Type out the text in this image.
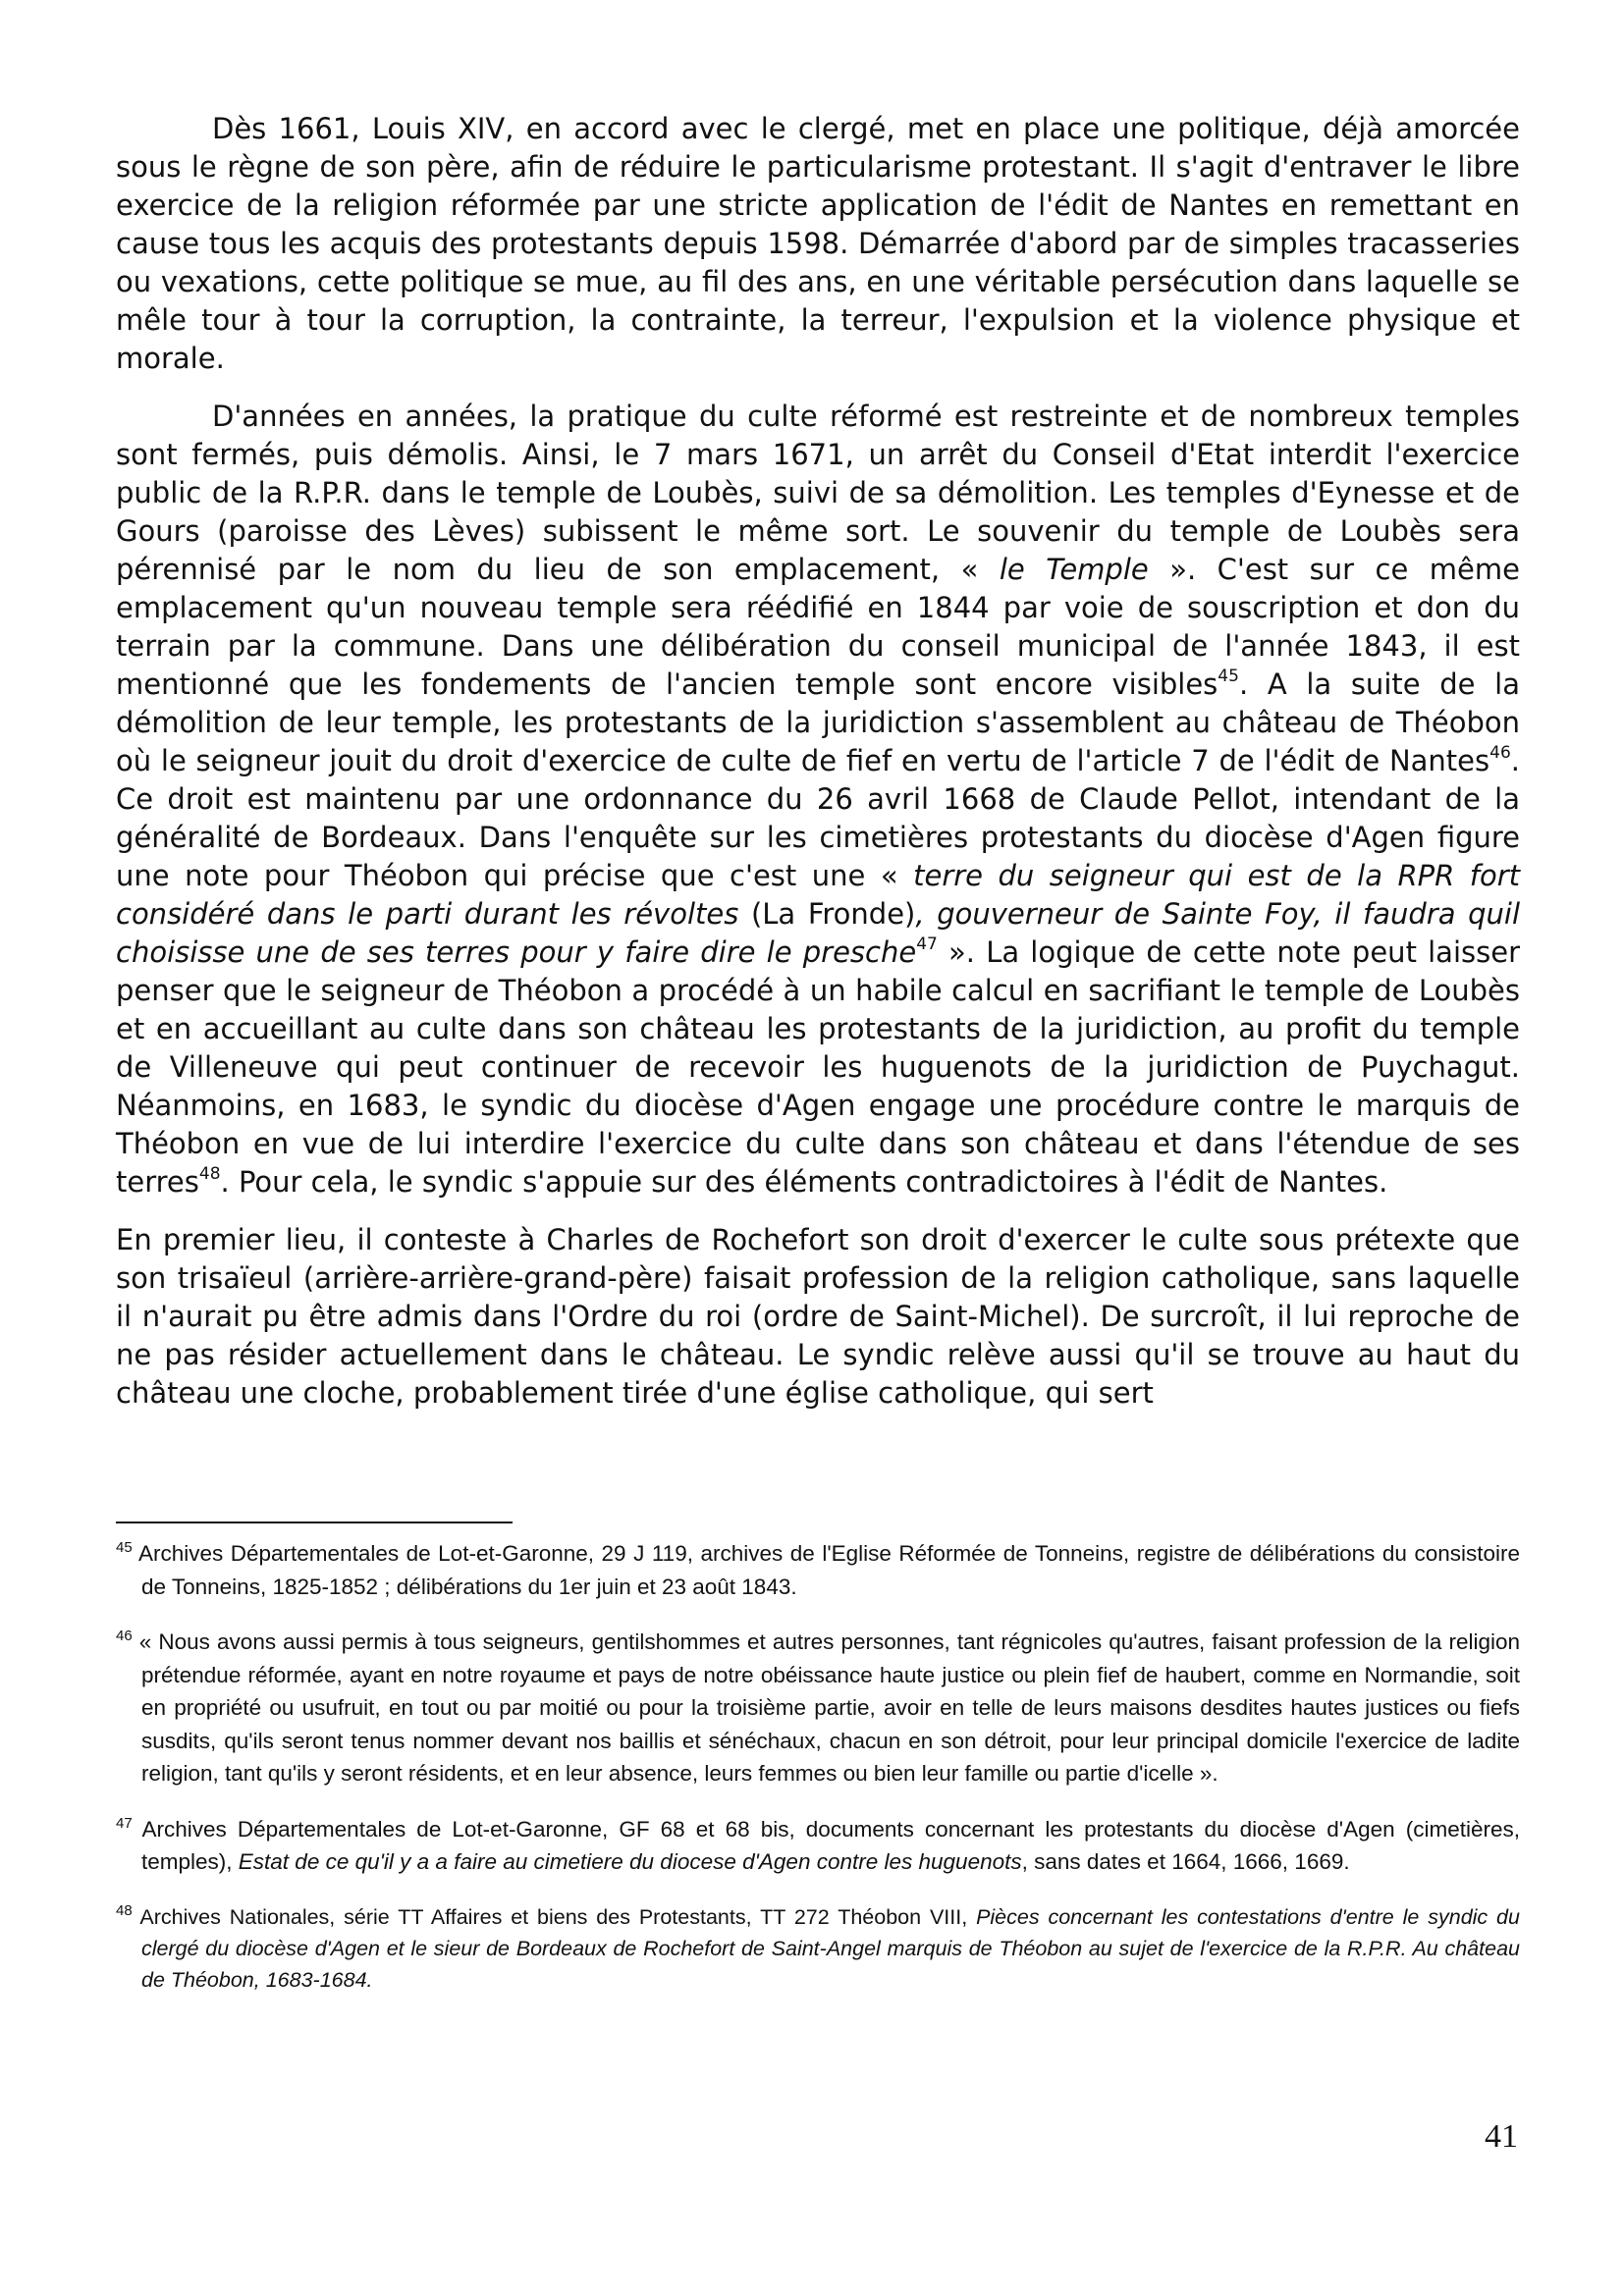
Dès 1661, Louis XIV, en accord avec le clergé, met en place une politique, déjà amorcée sous le règne de son père, afin de réduire le particularisme protestant. Il s'agit d'entraver le libre exercice de la religion réformée par une stricte application de l'édit de Nantes en remettant en cause tous les acquis des protestants depuis 1598. Démarrée d'abord par de simples tracasseries ou vexations, cette politique se mue, au fil des ans, en une véritable persécution dans laquelle se mêle tour à tour la corruption, la contrainte, la terreur, l'expulsion et la violence physique et morale.

D'années en années, la pratique du culte réformé est restreinte et de nombreux temples sont fermés, puis démolis. Ainsi, le 7 mars 1671, un arrêt du Conseil d'Etat interdit l'exercice public de la R.P.R. dans le temple de Loubès, suivi de sa démolition. Les temples d'Eynesse et de Gours (paroisse des Lèves) subissent le même sort. Le souvenir du temple de Loubès sera pérennisé par le nom du lieu de son emplacement, « le Temple ». C'est sur ce même emplacement qu'un nouveau temple sera réédifié en 1844 par voie de souscription et don du terrain par la commune. Dans une délibération du conseil municipal de l'année 1843, il est mentionné que les fondements de l'ancien temple sont encore visibles$^{45}$. A la suite de la démolition de leur temple, les protestants de la juridiction s'assemblent au château de Théobon où le seigneur jouit du droit d'exercice de culte de fief en vertu de l'article 7 de l'édit de Nantes$^{46}$. Ce droit est maintenu par une ordonnance du 26 avril 1668 de Claude Pellot, intendant de la généralité de Bordeaux. Dans l'enquête sur les cimetières protestants du diocèse d'Agen figure une note pour Théobon qui précise que c'est une « terre du seigneur qui est de la RPR fort considéré dans le parti durant les révoltes (La Fronde), gouverneur de Sainte Foy, il faudra quil choisisse une de ses terres pour y faire dire le presche$^{47}$ ». La logique de cette note peut laisser penser que le seigneur de Théobon a procédé à un habile calcul en sacrifiant le temple de Loubès et en accueillant au culte dans son château les protestants de la juridiction, au profit du temple de Villeneuve qui peut continuer de recevoir les huguenots de la juridiction de Puychagut. Néanmoins, en 1683, le syndic du diocèse d'Agen engage une procédure contre le marquis de Théobon en vue de lui interdire l'exercice du culte dans son château et dans l'étendue de ses terres$^{48}$. Pour cela, le syndic s'appuie sur des éléments contradictoires à l'édit de Nantes.

En premier lieu, il conteste à Charles de Rochefort son droit d'exercer le culte sous prétexte que son trisaïeul (arrière-arrière-grand-père) faisait profession de la religion catholique, sans laquelle il n'aurait pu être admis dans l'Ordre du roi (ordre de Saint-Michel). De surcroît, il lui reproche de ne pas résider actuellement dans le château. Le syndic relève aussi qu'il se trouve au haut du château une cloche, probablement tirée d'une église catholique, qui sert

$^{45}$ Archives Départementales de Lot-et-Garonne, 29 J 119, archives de l'Eglise Réformée de Tonneins, registre de délibérations du consistoire de Tonneins, 1825-1852 ; délibérations du 1er juin et 23 août 1843.
$^{46}$ « Nous avons aussi permis à tous seigneurs, gentilshommes et autres personnes, tant régnicoles qu'autres, faisant profession de la religion prétendue réformée, ayant en notre royaume et pays de notre obéissance haute justice ou plein fief de haubert, comme en Normandie, soit en propriété ou usufruit, en tout ou par moitié ou pour la troisième partie, avoir en telle de leurs maisons desdites hautes justices ou fiefs susdits, qu'ils seront tenus nommer devant nos baillis et sénéchaux, chacun en son détroit, pour leur principal domicile l'exercice de ladite religion, tant qu'ils y seront résidents, et en leur absence, leurs femmes ou bien leur famille ou partie d'icelle ».
$^{47}$ Archives Départementales de Lot-et-Garonne, GF 68 et 68 bis, documents concernant les protestants du diocèse d'Agen (cimetières, temples), Estat de ce qu'il y a a faire au cimetiere du diocese d'Agen contre les huguenots, sans dates et 1664, 1666, 1669.
$^{48}$ Archives Nationales, série TT Affaires et biens des Protestants, TT 272 Théobon VIII, Pièces concernant les contestations d'entre le syndic du clergé du diocèse d'Agen et le sieur de Bordeaux de Rochefort de Saint-Angel marquis de Théobon au sujet de l'exercice de la R.P.R. Au château de Théobon, 1683-1684.
41
